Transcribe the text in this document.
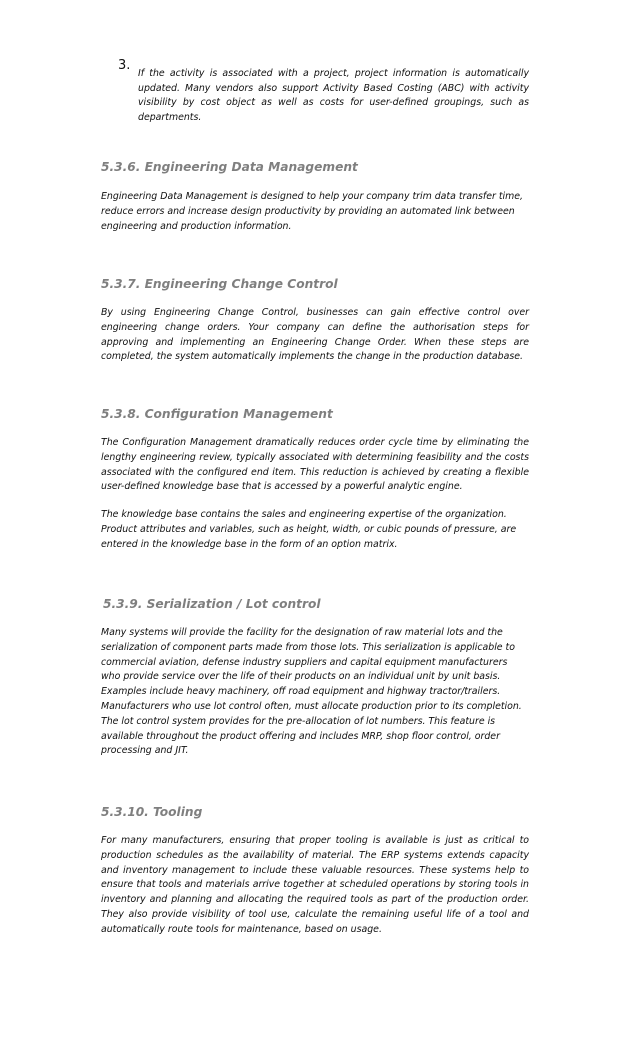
3.

If the activity is associated with a project, project information is automatically updated. Many vendors also support Activity Based Costing (ABC) with activity visibility by cost object as well as costs for user-defined groupings, such as departments.

5.3.6. Engineering Data Management

Engineering Data Management is designed to help your company trim data transfer time, reduce errors and increase design productivity by providing an automated link between engineering and production information.

5.3.7. Engineering Change Control

By using Engineering Change Control, businesses can gain effective control over engineering change orders. Your company can define the authorisation steps for approving and implementing an Engineering Change Order. When these steps are completed, the system automatically implements the change in the production database.

5.3.8. Configuration Management

The Configuration Management dramatically reduces order cycle time by eliminating the lengthy engineering review, typically associated with determining feasibility and the costs associated with the configured end item. This reduction is achieved by creating a flexible user-defined knowledge base that is accessed by a powerful analytic engine.

The knowledge base contains the sales and engineering expertise of the organization. Product attributes and variables, such as height, width, or cubic pounds of pressure, are entered in the knowledge base in the form of an option matrix.

5.3.9. Serialization / Lot control

Many systems will provide the facility for the designation of raw material lots and the serialization of component parts made from those lots. This serialization is applicable to commercial aviation, defense industry suppliers and capital equipment manufacturers who provide service over the life of their products on an individual unit by unit basis. Examples include heavy machinery, off road equipment and highway tractor/trailers. Manufacturers who use lot control often, must allocate production prior to its completion. The lot control system provides for the pre-allocation of lot numbers. This feature is available throughout the product offering and includes MRP, shop floor control, order processing and JIT.

5.3.10. Tooling

For many manufacturers, ensuring that proper tooling is available is just as critical to production schedules as the availability of material. The ERP systems extends capacity and inventory management to include these valuable resources. These systems help to ensure that tools and materials arrive together at scheduled operations by storing tools in inventory and planning and allocating the required tools as part of the production order. They also provide visibility of tool use, calculate the remaining useful life of a tool and automatically route tools for maintenance, based on usage.
